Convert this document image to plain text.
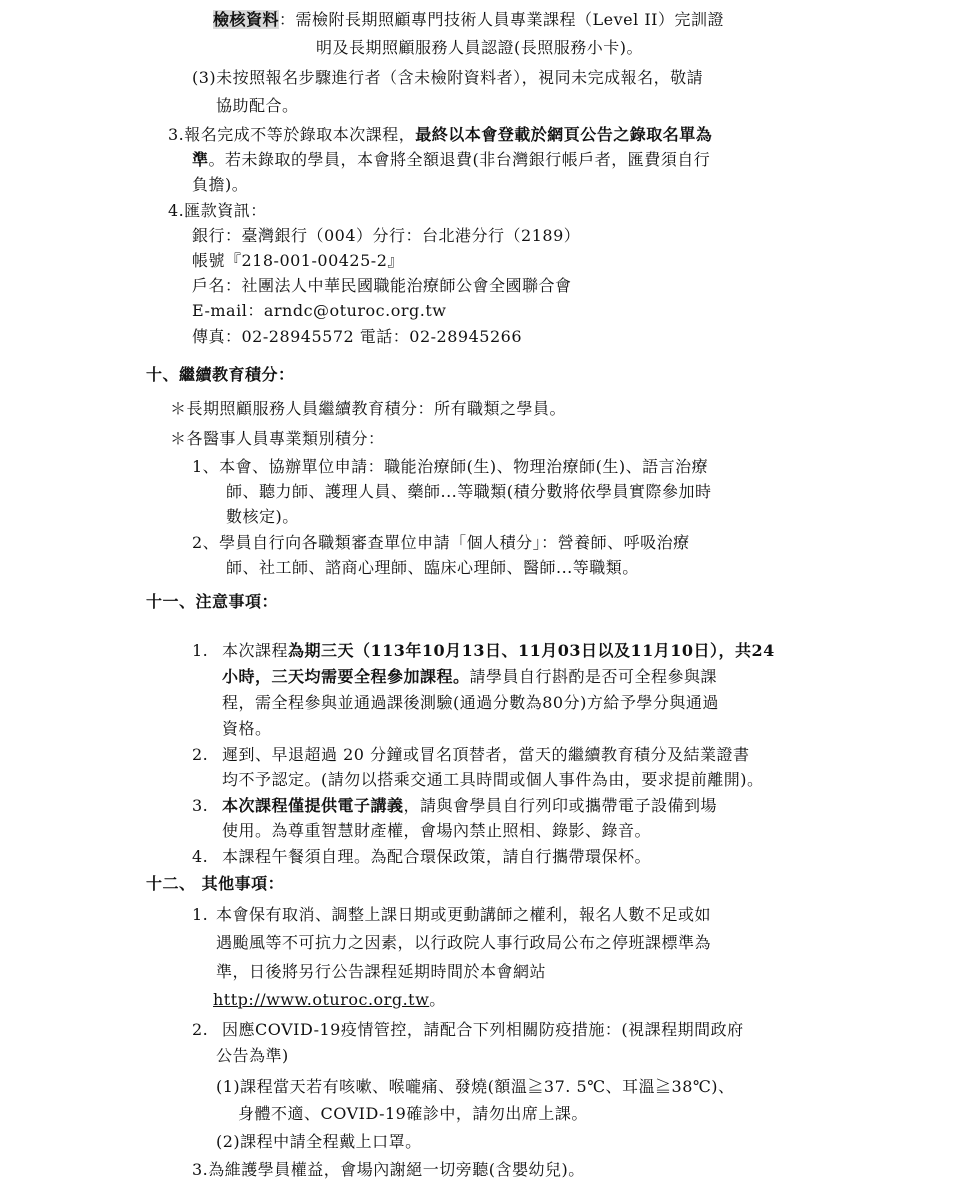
檢核資料：需檢附長期照顧專門技術人員專業課程（Level II）完訓證
明及長期照顧服務人員認證(長照服務小卡)。
(3)未按照報名步驟進行者（含未檢附資料者），視同未完成報名，敬請
協助配合。
3.報名完成不等於錄取本次課程，最終以本會登載於網頁公告之錄取名單為
準。若未錄取的學員，本會將全額退費(非台灣銀行帳戶者，匯費須自行
負擔)。
4.匯款資訊：
銀行：臺灣銀行（004）分行：台北港分行（2189）
帳號『218-001-00425-2』
戶名：社團法人中華民國職能治療師公會全國聯合會
E-mail：arndc@oturoc.org.tw
傳真：02-28945572 電話：02-28945266
十、繼續教育積分：
＊長期照顧服務人員繼續教育積分：所有職類之學員。
＊各醫事人員專業類別積分：
1、本會、協辦單位申請：職能治療師(生)、物理治療師(生)、語言治療
師、聽力師、護理人員、藥師...等職類(積分數將依學員實際參加時
數核定)。
2、學員自行向各職類審查單位申請「個人積分」：營養師、呼吸治療
師、社工師、諮商心理師、臨床心理師、醫師...等職類。
十一、注意事項：
1. 本次課程為期三天（113年10月13日、11月03日以及11月10日），共24
小時，三天均需要全程參加課程。請學員自行斟酌是否可全程參與課
程，需全程參與並通過課後測驗(通過分數為80分)方給予學分與通過
資格。
2. 遲到、早退超過 20 分鐘或冒名頂替者，當天的繼續教育積分及結業證書
均不予認定。(請勿以搭乘交通工具時間或個人事件為由，要求提前離開)。
3. 本次課程僅提供電子講義，請與會學員自行列印或攜帶電子設備到場
使用。為尊重智慧財產權，會場內禁止照相、錄影、錄音。
4. 本課程午餐須自理。為配合環保政策，請自行攜帶環保杯。
十二、 其他事項：
1. 本會保有取消、調整上課日期或更動講師之權利，報名人數不足或如
遇颱風等不可抗力之因素，以行政院人事行政局公布之停班課標準為
準，日後將另行公告課程延期時間於本會網站
http://www.oturoc.org.tw。
2. 因應COVID-19疫情管控，請配合下列相關防疫措施：(視課程期間政府
公告為準)
(1)課程當天若有咳嗽、喉嚨痛、發燒(額溫≧37. 5℃、耳溫≧38℃)、
身體不適、COVID-19確診中，請勿出席上課。
(2)課程中請全程戴上口罩。
3.為維護學員權益，會場內謝絕一切旁聽(含嬰幼兒)。
